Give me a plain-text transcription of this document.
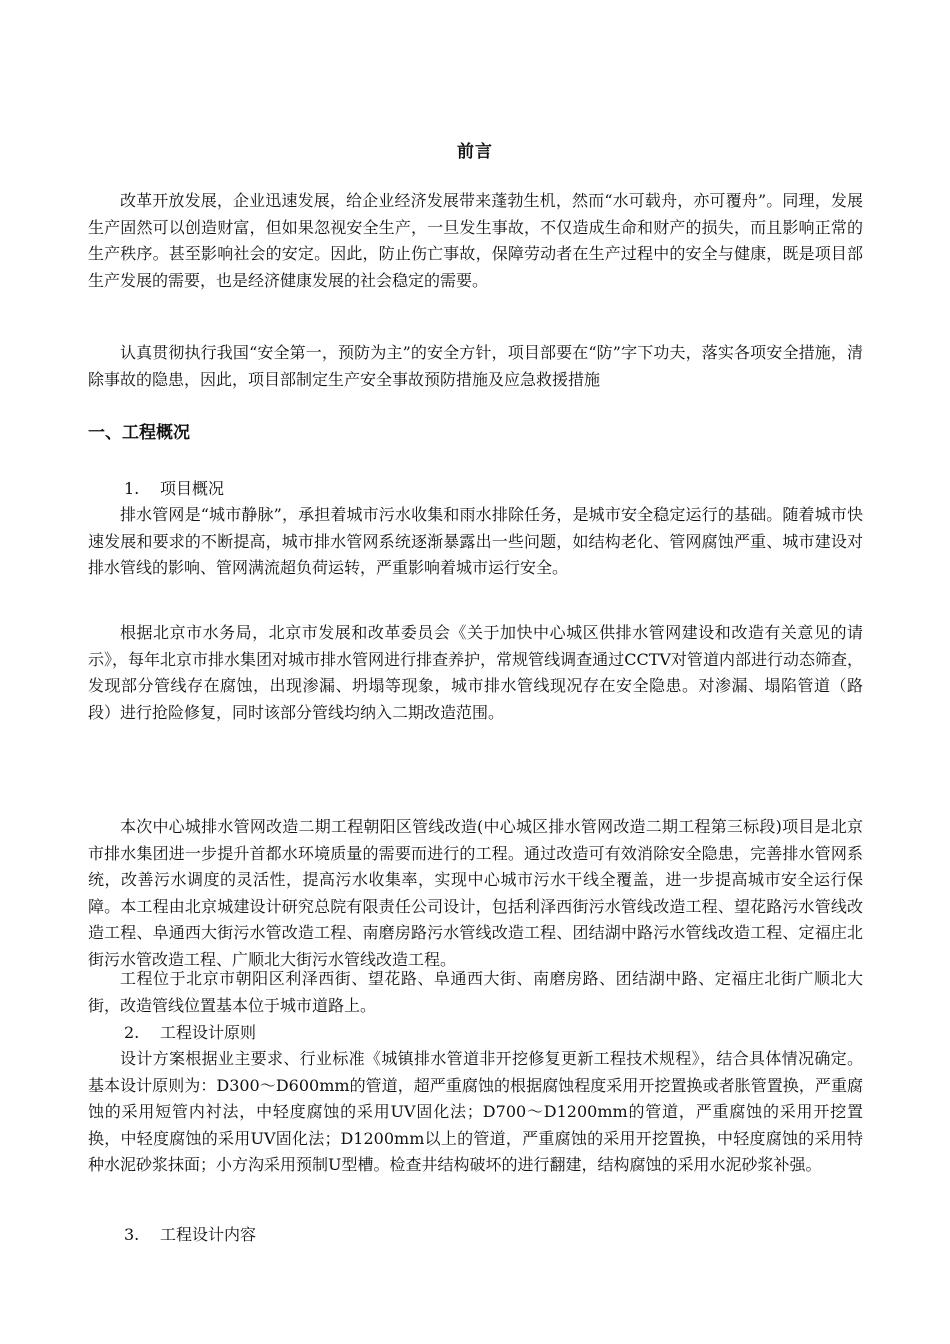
前言

改革开放发展，企业迅速发展，给企业经济发展带来蓬勃生机，然而“水可载舟，亦可覆舟”。同理，发展生产固然可以创造财富，但如果忽视安全生产，一旦发生事故，不仅造成生命和财产的损失，而且影响正常的生产秩序。甚至影响社会的安定。因此，防止伤亡事故，保障劳动者在生产过程中的安全与健康，既是项目部生产发展的需要，也是经济健康发展的社会稳定的需要。

认真贯彻执行我国“安全第一，预防为主”的安全方针，项目部要在“防”字下功夫，落实各项安全措施，清除事故的隐患，因此，项目部制定生产安全事故预防措施及应急救援措施

一、工程概况
1. 项目概况

排水管网是“城市静脉”，承担着城市污水收集和雨水排除任务，是城市安全稳定运行的基础。随着城市快速发展和要求的不断提高，城市排水管网系统逐渐暴露出一些问题，如结构老化、管网腐蚀严重、城市建设对排水管线的影响、管网满流超负荷运转，严重影响着城市运行安全。

根据北京市水务局，北京市发展和改革委员会《关于加快中心城区供排水管网建设和改造有关意见的请示》，每年北京市排水集团对城市排水管网进行排查养护，常规管线调查通过CCTV对管道内部进行动态筛查，发现部分管线存在腐蚀，出现渗漏、坍塌等现象，城市排水管线现况存在安全隐患。对渗漏、塌陷管道（路段）进行抢险修复，同时该部分管线均纳入二期改造范围。

本次中心城排水管网改造二期工程朝阳区管线改造(中心城区排水管网改造二期工程第三标段)项目是北京市排水集团进一步提升首都水环境质量的需要而进行的工程。通过改造可有效消除安全隐患，完善排水管网系统，改善污水调度的灵活性，提高污水收集率，实现中心城市污水干线全覆盖，进一步提高城市安全运行保障。本工程由北京城建设计研究总院有限责任公司设计，包括利泽西街污水管线改造工程、望花路污水管线改造工程、阜通西大街污水管改造工程、南磨房路污水管线改造工程、团结湖中路污水管线改造工程、定福庄北街污水管改造工程、广顺北大街污水管线改造工程。

工程位于北京市朝阳区利泽西街、望花路、阜通西大街、南磨房路、团结湖中路、定福庄北街广顺北大街，改造管线位置基本位于城市道路上。

2. 工程设计原则

设计方案根据业主要求、行业标准《城镇排水管道非开挖修复更新工程技术规程》，结合具体情况确定。基本设计原则为：D300～D600mm的管道，超严重腐蚀的根据腐蚀程度采用开挖置换或者胀管置换，严重腐蚀的采用短管内衬法，中轻度腐蚀的采用UV固化法；D700～D1200mm的管道，严重腐蚀的采用开挖置换，中轻度腐蚀的采用UV固化法；D1200mm以上的管道，严重腐蚀的采用开挖置换，中轻度腐蚀的采用特种水泥砂浆抹面；小方沟采用预制U型槽。检查井结构破坏的进行翻建，结构腐蚀的采用水泥砂浆补强。

3. 工程设计内容
